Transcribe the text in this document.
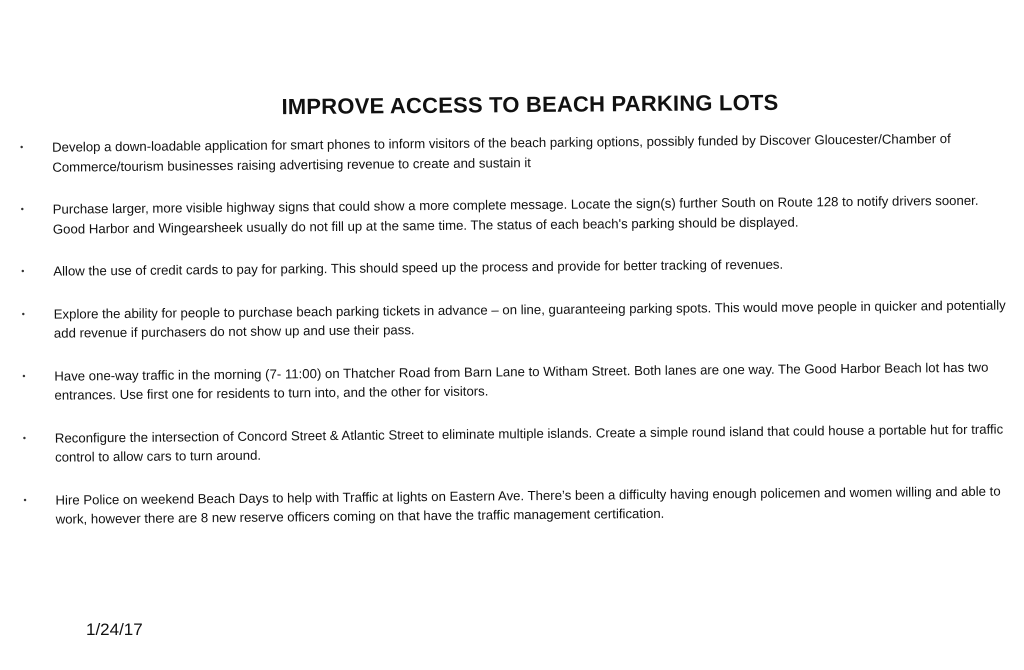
IMPROVE ACCESS TO BEACH PARKING LOTS
•	Develop a down-loadable application for smart phones to inform visitors of the beach parking options, possibly funded by Discover Gloucester/Chamber of Commerce/tourism businesses raising advertising revenue to create and sustain it
•	Purchase larger, more visible highway signs that could show a more complete message. Locate the sign(s) further South on Route 128 to notify drivers sooner. Good Harbor and Wingearsheek usually do not fill up at the same time. The status of each beach's parking should be displayed.
•	Allow the use of credit cards to pay for parking. This should speed up the process and provide for better tracking of revenues.
•	Explore the ability for people to purchase beach parking tickets in advance – on line, guaranteeing parking spots. This would move people in quicker and potentially add revenue if purchasers do not show up and use their pass.
•	Have one-way traffic in the morning (7- 11:00) on Thatcher Road from Barn Lane to Witham Street. Both lanes are one way. The Good Harbor Beach lot has two entrances. Use first one for residents to turn into, and the other for visitors.
•	Reconfigure the intersection of Concord Street & Atlantic Street to eliminate multiple islands. Create a simple round island that could house a portable hut for traffic control to allow cars to turn around.
•	Hire Police on weekend Beach Days to help with Traffic at lights on Eastern Ave. There’s been a difficulty having enough policemen and women willing and able to work, however there are 8 new reserve officers coming on that have the traffic management certification.
1/24/17
